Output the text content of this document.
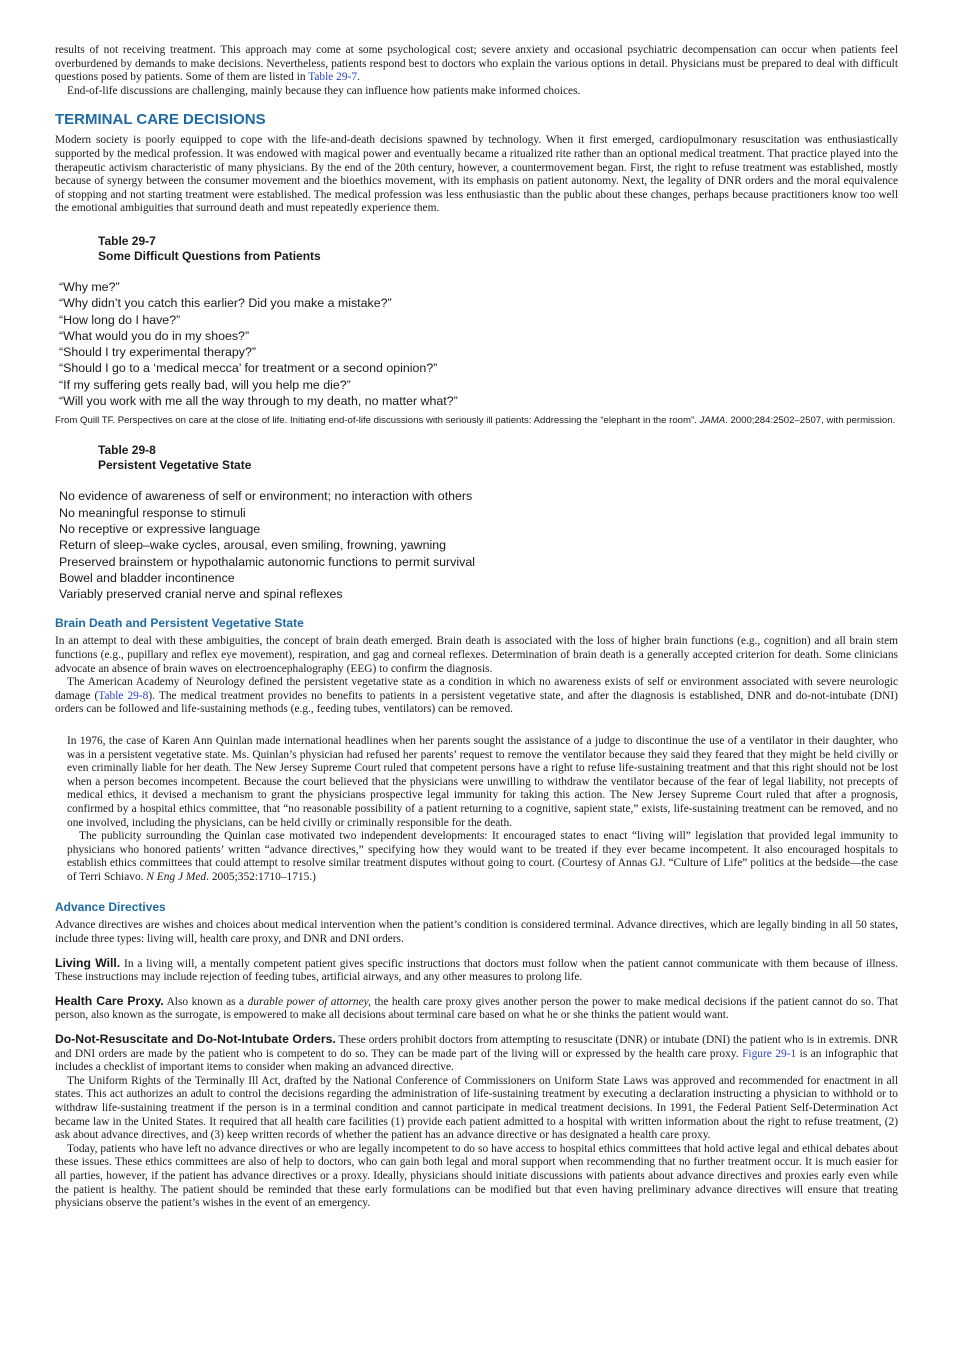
results of not receiving treatment. This approach may come at some psychological cost; severe anxiety and occasional psychiatric decompensation can occur when patients feel overburdened by demands to make decisions. Nevertheless, patients respond best to doctors who explain the various options in detail. Physicians must be prepared to deal with difficult questions posed by patients. Some of them are listed in Table 29-7.

End-of-life discussions are challenging, mainly because they can influence how patients make informed choices.

TERMINAL CARE DECISIONS

Modern society is poorly equipped to cope with the life-and-death decisions spawned by technology. When it first emerged, cardiopulmonary resuscitation was enthusiastically supported by the medical profession. It was endowed with magical power and eventually became a ritualized rite rather than an optional medical treatment. That practice played into the therapeutic activism characteristic of many physicians. By the end of the 20th century, however, a countermovement began. First, the right to refuse treatment was established, mostly because of synergy between the consumer movement and the bioethics movement, with its emphasis on patient autonomy. Next, the legality of DNR orders and the moral equivalence of stopping and not starting treatment were established. The medical profession was less enthusiastic than the public about these changes, perhaps because practitioners know too well the emotional ambiguities that surround death and must repeatedly experience them.

Table 29-7
Some Difficult Questions from Patients
“Why me?”
“Why didn’t you catch this earlier? Did you make a mistake?”
“How long do I have?”
“What would you do in my shoes?”
“Should I try experimental therapy?”
“Should I go to a ‘medical mecca’ for treatment or a second opinion?”
“If my suffering gets really bad, will you help me die?”
“Will you work with me all the way through to my death, no matter what?”

From Quill TF. Perspectives on care at the close of life. Initiating end-of-life discussions with seriously ill patients: Addressing the “elephant in the room”. JAMA. 2000;284:2502–2507, with permission.

Table 29-8
Persistent Vegetative State
No evidence of awareness of self or environment; no interaction with others
No meaningful response to stimuli
No receptive or expressive language
Return of sleep–wake cycles, arousal, even smiling, frowning, yawning
Preserved brainstem or hypothalamic autonomic functions to permit survival
Bowel and bladder incontinence
Variably preserved cranial nerve and spinal reflexes
Brain Death and Persistent Vegetative State

In an attempt to deal with these ambiguities, the concept of brain death emerged. Brain death is associated with the loss of higher brain functions (e.g., cognition) and all brain stem functions (e.g., pupillary and reflex eye movement), respiration, and gag and corneal reflexes. Determination of brain death is a generally accepted criterion for death. Some clinicians advocate an absence of brain waves on electroencephalography (EEG) to confirm the diagnosis.

The American Academy of Neurology defined the persistent vegetative state as a condition in which no awareness exists of self or environment associated with severe neurologic damage (Table 29-8). The medical treatment provides no benefits to patients in a persistent vegetative state, and after the diagnosis is established, DNR and do-not-intubate (DNI) orders can be followed and life-sustaining methods (e.g., feeding tubes, ventilators) can be removed.

In 1976, the case of Karen Ann Quinlan made international headlines when her parents sought the assistance of a judge to discontinue the use of a ventilator in their daughter, who was in a persistent vegetative state. Ms. Quinlan’s physician had refused her parents’ request to remove the ventilator because they said they feared that they might be held civilly or even criminally liable for her death. The New Jersey Supreme Court ruled that competent persons have a right to refuse life-sustaining treatment and that this right should not be lost when a person becomes incompetent. Because the court believed that the physicians were unwilling to withdraw the ventilator because of the fear of legal liability, not precepts of medical ethics, it devised a mechanism to grant the physicians prospective legal immunity for taking this action. The New Jersey Supreme Court ruled that after a prognosis, confirmed by a hospital ethics committee, that “no reasonable possibility of a patient returning to a cognitive, sapient state,” exists, life-sustaining treatment can be removed, and no one involved, including the physicians, can be held civilly or criminally responsible for the death.

The publicity surrounding the Quinlan case motivated two independent developments: It encouraged states to enact “living will” legislation that provided legal immunity to physicians who honored patients’ written “advance directives,” specifying how they would want to be treated if they ever became incompetent. It also encouraged hospitals to establish ethics committees that could attempt to resolve similar treatment disputes without going to court. (Courtesy of Annas GJ. “Culture of Life” politics at the bedside—the case of Terri Schiavo. N Eng J Med. 2005;352:1710–1715.)

Advance Directives

Advance directives are wishes and choices about medical intervention when the patient’s condition is considered terminal. Advance directives, which are legally binding in all 50 states, include three types: living will, health care proxy, and DNR and DNI orders.

Living Will. In a living will, a mentally competent patient gives specific instructions that doctors must follow when the patient cannot communicate with them because of illness. These instructions may include rejection of feeding tubes, artificial airways, and any other measures to prolong life.

Health Care Proxy. Also known as a durable power of attorney, the health care proxy gives another person the power to make medical decisions if the patient cannot do so. That person, also known as the surrogate, is empowered to make all decisions about terminal care based on what he or she thinks the patient would want.

Do-Not-Resuscitate and Do-Not-Intubate Orders. These orders prohibit doctors from attempting to resuscitate (DNR) or intubate (DNI) the patient who is in extremis. DNR and DNI orders are made by the patient who is competent to do so. They can be made part of the living will or expressed by the health care proxy. Figure 29-1 is an infographic that includes a checklist of important items to consider when making an advanced directive.

The Uniform Rights of the Terminally Ill Act, drafted by the National Conference of Commissioners on Uniform State Laws was approved and recommended for enactment in all states. This act authorizes an adult to control the decisions regarding the administration of life-sustaining treatment by executing a declaration instructing a physician to withhold or to withdraw life-sustaining treatment if the person is in a terminal condition and cannot participate in medical treatment decisions. In 1991, the Federal Patient Self-Determination Act became law in the United States. It required that all health care facilities (1) provide each patient admitted to a hospital with written information about the right to refuse treatment, (2) ask about advance directives, and (3) keep written records of whether the patient has an advance directive or has designated a health care proxy.

Today, patients who have left no advance directives or who are legally incompetent to do so have access to hospital ethics committees that hold active legal and ethical debates about these issues. These ethics committees are also of help to doctors, who can gain both legal and moral support when recommending that no further treatment occur. It is much easier for all parties, however, if the patient has advance directives or a proxy. Ideally, physicians should initiate discussions with patients about advance directives and proxies early even while the patient is healthy. The patient should be reminded that these early formulations can be modified but that even having preliminary advance directives will ensure that treating physicians observe the patient’s wishes in the event of an emergency.
